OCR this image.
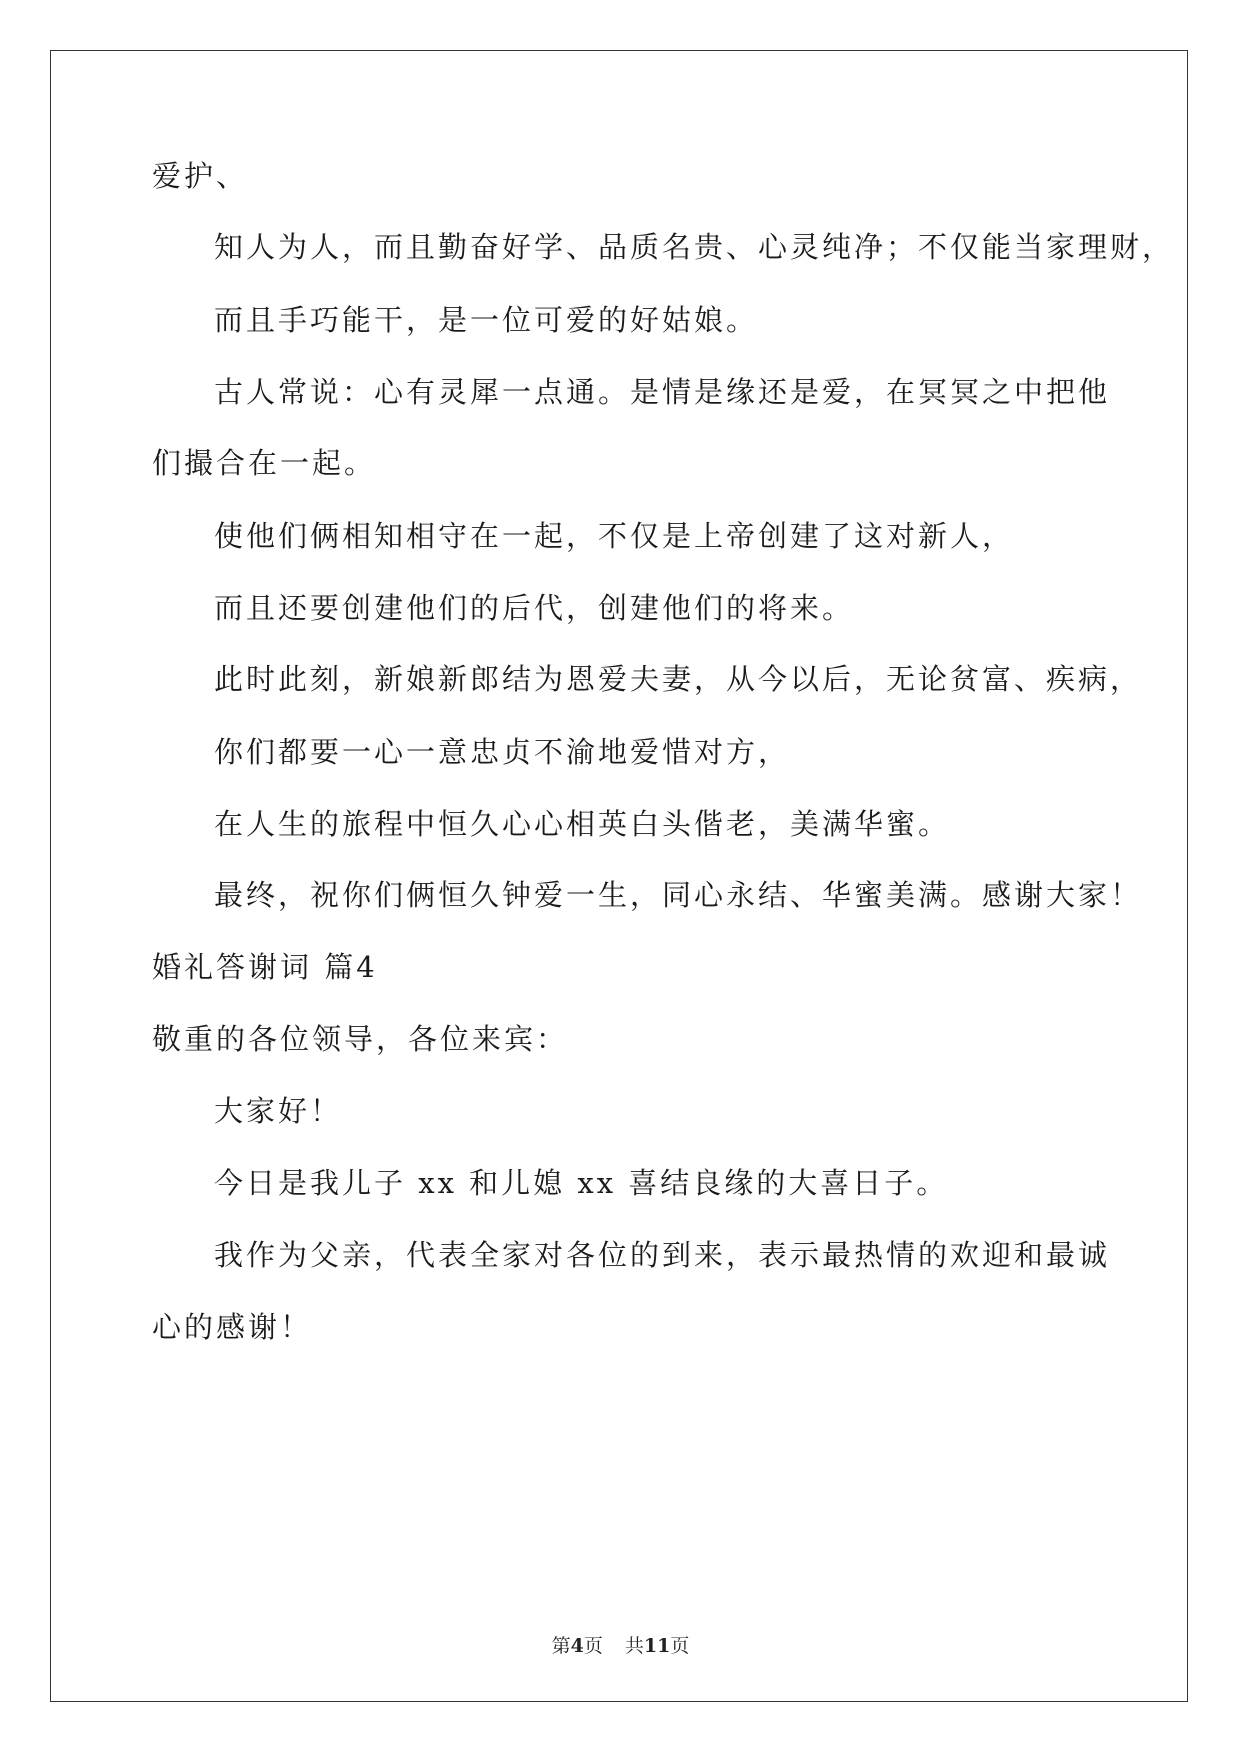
爱护、
知人为人，而且勤奋好学、品质名贵、心灵纯净；不仅能当家理财，
而且手巧能干，是一位可爱的好姑娘。
古人常说：心有灵犀一点通。是情是缘还是爱，在冥冥之中把他
们撮合在一起。
使他们俩相知相守在一起，不仅是上帝创建了这对新人，
而且还要创建他们的后代，创建他们的将来。
此时此刻，新娘新郎结为恩爱夫妻，从今以后，无论贫富、疾病，
你们都要一心一意忠贞不渝地爱惜对方，
在人生的旅程中恒久心心相英白头偕老，美满华蜜。
最终，祝你们俩恒久钟爱一生，同心永结、华蜜美满。感谢大家！
婚礼答谢词 篇4
敬重的各位领导，各位来宾：
大家好！
今日是我儿子 xx 和儿媳 xx 喜结良缘的大喜日子。
我作为父亲，代表全家对各位的到来，表示最热情的欢迎和最诚
心的感谢！
第4页 共11页
